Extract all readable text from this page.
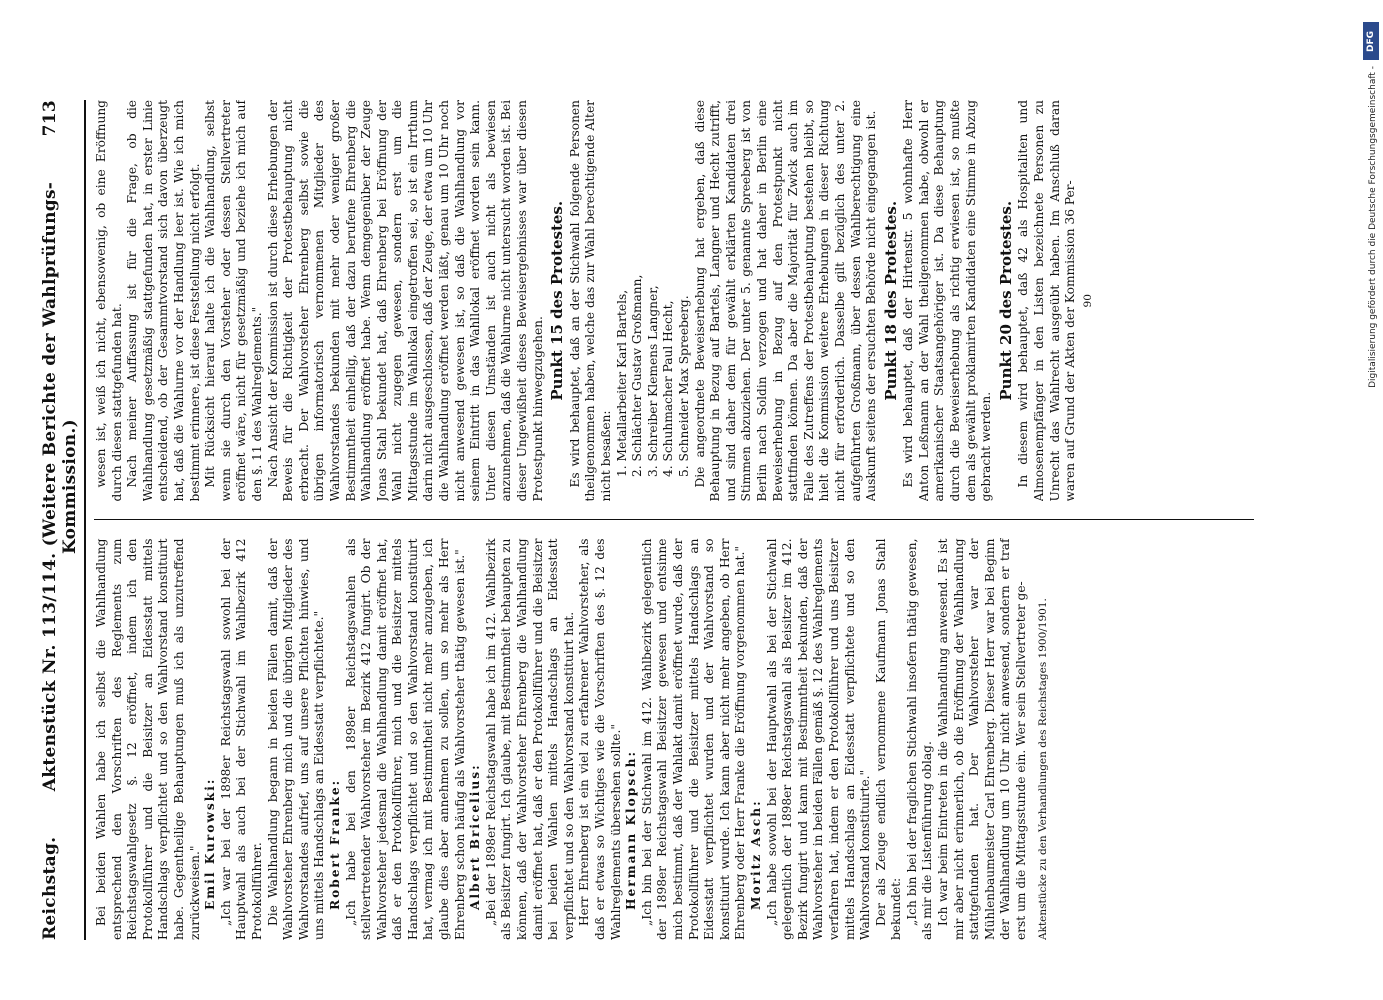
Reichstag.
Aktenstück Nr. 113/114. (Weitere Berichte der Wahlprüfungs-Kommission.)
713

Bei beiden Wahlen habe ich selbst die Wahlhandlung entsprechend den Vorschriften des Reglements zum Reichstagswahlgesetz §. 12 eröffnet, indem ich den Protokollführer und die Beisitzer an Eidesstatt mittels Handschlags verpflichtet und so den Wahlvorstand konstituirt habe. Gegentheilige Behauptungen muß ich als unzutreffend zurückweisen." Emil Kurowski: „Ich war bei der 1898er Reichstagswahl sowohl bei der Hauptwahl als auch bei der Stichwahl im Wahlbezirk 412 Protokollführer. Die Wahlhandlung begann in beiden Fällen damit, daß der Wahlvorsteher Ehrenberg mich und die übrigen Mitglieder des Wahlvorstandes aufrief, uns auf unsere Pflichten hinwies, und uns mittels Handschlags an Eidesstatt verpflichtete." Robert Franke: „Ich habe bei den 1898er Reichstagswahlen als stellvertretender Wahlvorsteher im Bezirk 412 fungirt. Ob der Wahlvorsteher jedesmal die Wahlhandlung damit eröffnet hat, daß er den Protokollführer, mich und die Beisitzer mittels Handschlags verpflichtet und so den Wahlvorstand konstituirt hat, vermag ich mit Bestimmtheit nicht mehr anzugeben, ich glaube dies aber annehmen zu sollen, um so mehr als Herr Ehrenberg schon häufig als Wahlvorsteher thätig gewesen ist." Albert Bricelius: „Bei der 1898er Reichstagswahl habe ich im 412. Wahlbezirk als Beisitzer fungirt. Ich glaube, mit Bestimmtheit behaupten zu können, daß der Wahlvorsteher Ehrenberg die Wahlhandlung damit eröffnet hat, daß er den Protokollführer und die Beisitzer bei beiden Wahlen mittels Handschlags an Eidesstatt verpflichtet und so den Wahlvorstand konstituirt hat. Herr Ehrenberg ist ein viel zu erfahrener Wahlvorsteher, als daß er etwas so Wichtiges wie die Vorschriften des §. 12 des Wahlreglements übersehen sollte." Hermann Klopsch: „Ich bin bei der Stichwahl im 412. Wahlbezirk gelegentlich der 1898er Reichstagswahl Beisitzer gewesen und entsinne mich bestimmt, daß der Wahlakt damit eröffnet wurde, daß der Protokollführer und die Beisitzer mittels Handschlags an Eidesstatt verpflichtet wurden und der Wahlvorstand so konstituirt wurde. Ich kann aber nicht mehr angeben, ob Herr Ehrenberg oder Herr Franke die Eröffnung vorgenommen hat." Moritz Asch: „Ich habe sowohl bei der Hauptwahl als bei der Stichwahl gelegentlich der 1898er Reichstagswahl als Beisitzer im 412. Bezirk fungirt und kann mit Bestimmtheit bekunden, daß der Wahlvorsteher in beiden Fällen gemäß §. 12 des Wahlreglements verfahren hat, indem er den Protokollführer und uns Beisitzer mittels Handschlags an Eidesstatt verpflichtete und so den Wahlvorstand konstituirte." Der als Zeuge endlich vernommene Kaufmann Jonas Stahl bekundet: „Ich bin bei der fraglichen Stichwahl insofern thätig gewesen, als mir die Listenführung oblag. Ich war beim Eintreten in die Wahlhandlung anwesend. Es ist mir aber nicht erinnerlich, ob die Eröffnung der Wahlhandlung stattgefunden hat. Der Wahlvorsteher war der Mühlenbaumeister Carl Ehrenberg. Dieser Herr war bei Beginn der Wahlhandlung um 10 Uhr nicht anwesend, sondern er traf erst um die Mittagsstunde ein. Wer sein Stellvertreter ge- Aktenstücke zu den Verhandlungen des Reichstages 1900/1901.

wesen ist, weiß ich nicht, ebensowenig, ob eine Eröffnung durch diesen stattgefunden hat. Nach meiner Auffassung ist für die Frage, ob die Wahlhandlung gesetzmäßig stattgefunden hat, in erster Linie entscheidend, ob der Gesammtvorstand sich davon überzeugt hat, daß die Wahlurne vor der Handlung leer ist. Wie ich mich bestimmt erinnere, ist diese Feststellung nicht erfolgt. Mit Rücksicht hierauf halte ich die Wahlhandlung, selbst wenn sie durch den Vorsteher oder dessen Stellvertreter eröffnet wäre, nicht für gesetzmäßig und beziehe ich mich auf den §. 11 des Wahlreglements." Nach Ansicht der Kommission ist durch diese Erhebungen der Beweis für die Richtigkeit der Protestbehauptung nicht erbracht. Der Wahlvorsteher Ehrenberg selbst sowie die übrigen informatorisch vernommenen Mitglieder des Wahlvorstandes bekunden mit mehr oder weniger großer Bestimmtheit einhellig, daß der dazu berufene Ehrenberg die Wahlhandlung eröffnet habe. Wenn demgegenüber der Zeuge Jonas Stahl bekundet hat, daß Ehrenberg bei Eröffnung der Wahl nicht zugegen gewesen, sondern erst um die Mittagsstunde im Wahllokal eingetroffen sei, so ist ein Irrthum darin nicht ausgeschlossen, daß der Zeuge, der etwa um 10 Uhr die Wahlhandlung eröffnet werden läßt, genau um 10 Uhr noch nicht anwesend gewesen ist, so daß die Wahlhandlung vor seinem Eintritt in das Wahllokal eröffnet worden sein kann. Unter diesen Umständen ist auch nicht als bewiesen anzunehmen, daß die Wahlurne nicht untersucht worden ist. Bei dieser Ungewißheit dieses Beweisergebnisses war über diesen Protestpunkt hinwegzugehen.

Punkt 15 des Protestes. Es wird behauptet, daß an der Stichwahl folgende Personen theilgenommen haben, welche das zur Wahl berechtigende Alter nicht besaßen: 1. Metallarbeiter Karl Bartels, 2. Schlächter Gustav Großmann, 3. Schreiber Klemens Langner, 4. Schuhmacher Paul Hecht, 5. Schneider Max Spreeberg. Die angeordnete Beweiserhebung hat ergeben, daß diese Behauptung in Bezug auf Bartels, Langner und Hecht zutrifft, und sind daher dem für gewählt erklärten Kandidaten drei Stimmen abzuziehen. Der unter 5. genannte Spreeberg ist von Berlin nach Soldin verzogen und hat daher in Berlin eine Beweiserhebung in Bezug auf den Protestpunkt nicht stattfinden können. Da aber die Majorität für Zwick auch im Falle des Zutreffens der Protestbehauptung bestehen bleibt, so hielt die Kommission weitere Erhebungen in dieser Richtung nicht für erforderlich. Dasselbe gilt bezüglich des unter 2. aufgeführten Großmann, über dessen Wahlberechtigung eine Auskunft seitens der ersuchten Behörde nicht eingegangen ist. Punkt 18 des Protestes. Es wird behauptet, daß der Hirtenstr. 5 wohnhafte Herr Anton Leßmann an der Wahl theilgenommen habe, obwohl er amerikanischer Staatsangehöriger ist. Da diese Behauptung durch die Beweiserhebung als richtig erwiesen ist, so mußte dem als gewählt proklamirten Kandidaten eine Stimme in Abzug gebracht werden.

Punkt 20 des Protestes. In diesem wird behauptet, daß 42 als Hospitaliten und Almosenempfänger in den Listen bezeichnete Personen zu Unrecht das Wahlrecht ausgeübt haben. Im Anschluß daran waren auf Grund der Akten der Kommission 36 Per- 90
DFG
Digitalisierung gefördert durch die Deutsche Forschungsgemeinschaft -
